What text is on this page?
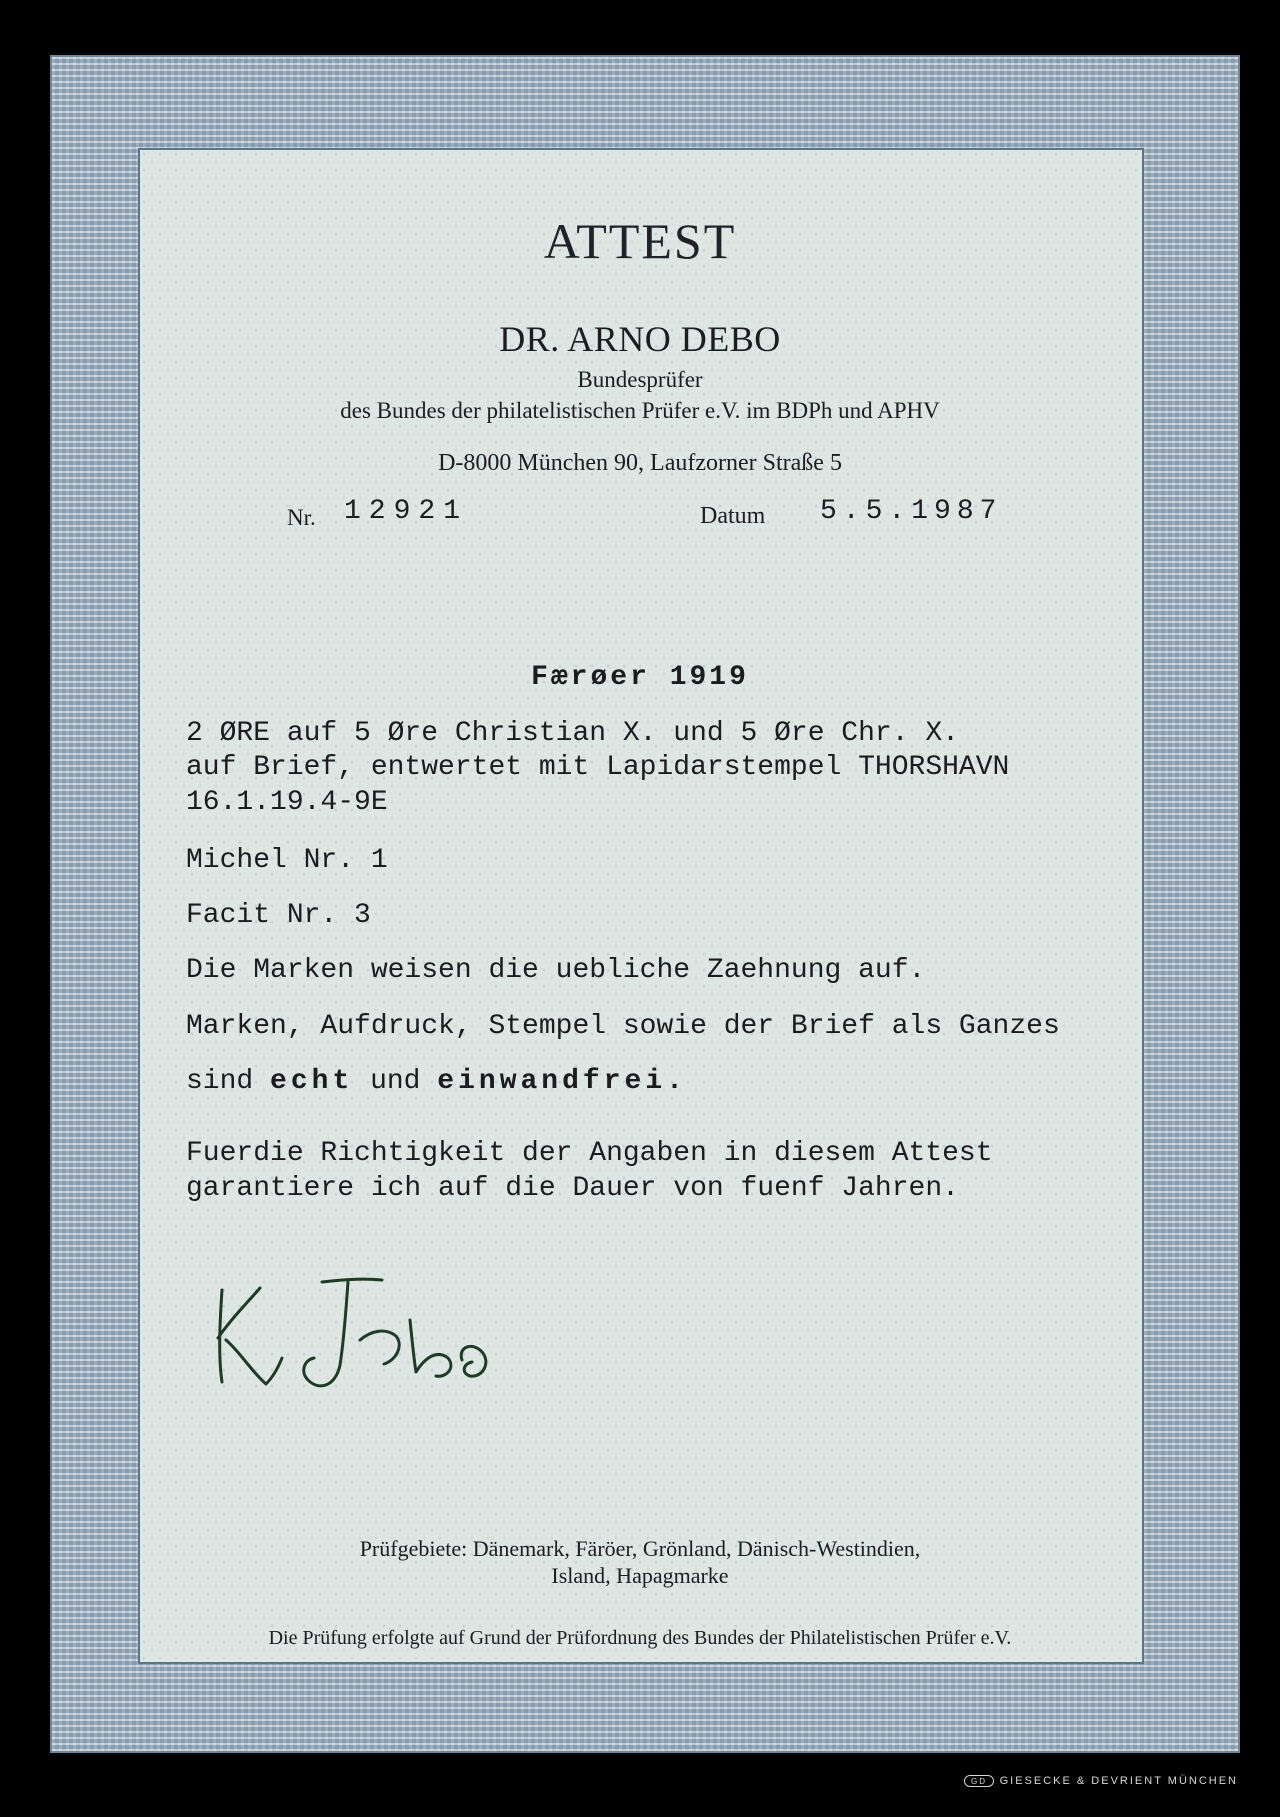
ATTEST
DR. ARNO DEBO
Bundesprüfer
des Bundes der philatelistischen Prüfer e.V. im BDPh und APHV
D-8000 München 90, Laufzorner Straße 5
Nr. 12921	Datum 5.5.1987
Færøer 1919
2 ØRE auf 5 Øre Christian X. und 5 Øre Chr. X.
auf Brief, entwertet mit Lapidarstempel THORSHAVN
16.1.19.4-9E
Michel Nr. 1
Facit Nr. 3
Die Marken weisen die uebliche Zaehnung auf.
Marken, Aufdruck, Stempel sowie der Brief als Ganzes
sind echt und einwandfrei.
Fuerdie Richtigkeit der Angaben in diesem Attest
garantiere ich auf die Dauer von fuenf Jahren.
Prüfgebiete: Dänemark, Färöer, Grönland, Dänisch-Westindien,
Island, Hapagmarke
Die Prüfung erfolgte auf Grund der Prüfordnung des Bundes der Philatelistischen Prüfer e.V.
GD GIESECKE & DEVRIENT MÜNCHEN
